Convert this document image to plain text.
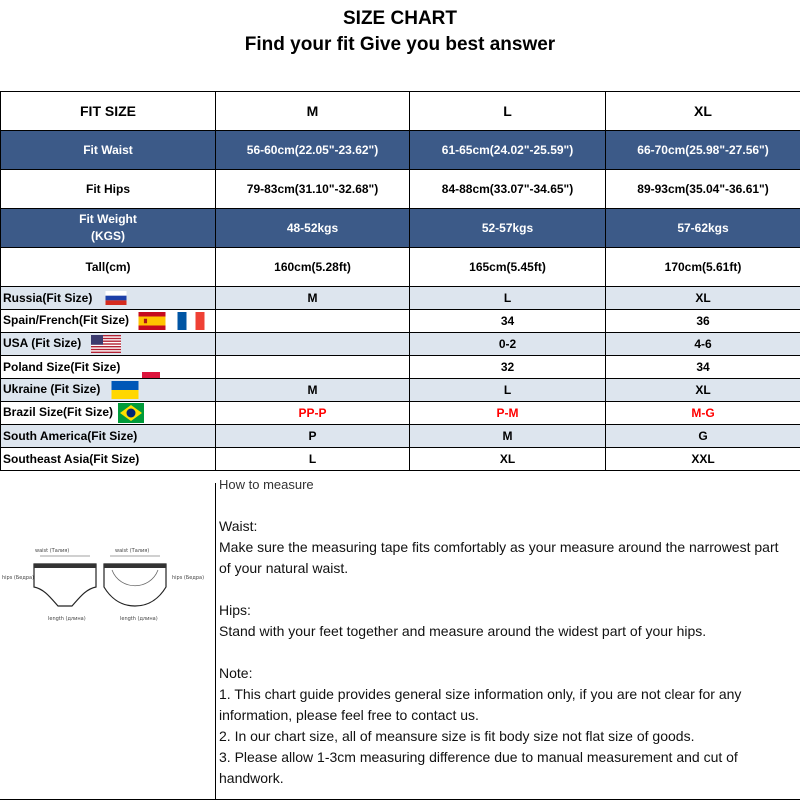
SIZE CHART
Find your fit Give you best answer
FIT SIZE	M	L	XL
Fit Waist	56-60cm(22.05"-23.62")	61-65cm(24.02"-25.59")	66-70cm(25.98"-27.56")
Fit Hips	79-83cm(31.10"-32.68")	84-88cm(33.07"-34.65")	89-93cm(35.04"-36.61")

Fit Weight
(KGS)	48-52kgs	52-57kgs	57-62kgs
Tall(cm)	160cm(5.28ft)	165cm(5.45ft)	170cm(5.61ft)
Russia(Fit Size)	M	L	XL
Spain/French(Fit Size)		34	36
USA (Fit Size)		0-2	4-6
Poland Size(Fit Size)		32	34
Ukraine (Fit Size)	M	L	XL
Brazil Size(Fit Size)	PP-P	P-M	M-G
South America(Fit Size)	P	M	G
Southeast Asia(Fit Size)	L	XL	XXL
waist (Талия)	waist (Талия)
hips (Бедра)	hips (Бедра)
length (длина)	length (длина)
How to measure
Waist:
Make sure the measuring tape fits comfortably as your measure around the narrowest part of your natural waist.
Hips:
Stand with your feet together and measure around the widest part of your hips.
Note:
1. This chart guide provides general size information only, if you are not clear for any information, please feel free to contact us.
2. In our chart size, all of meansure size is fit body size not flat size of goods.
3. Please allow 1-3cm measuring difference due to manual measurement and cut of handwork.
